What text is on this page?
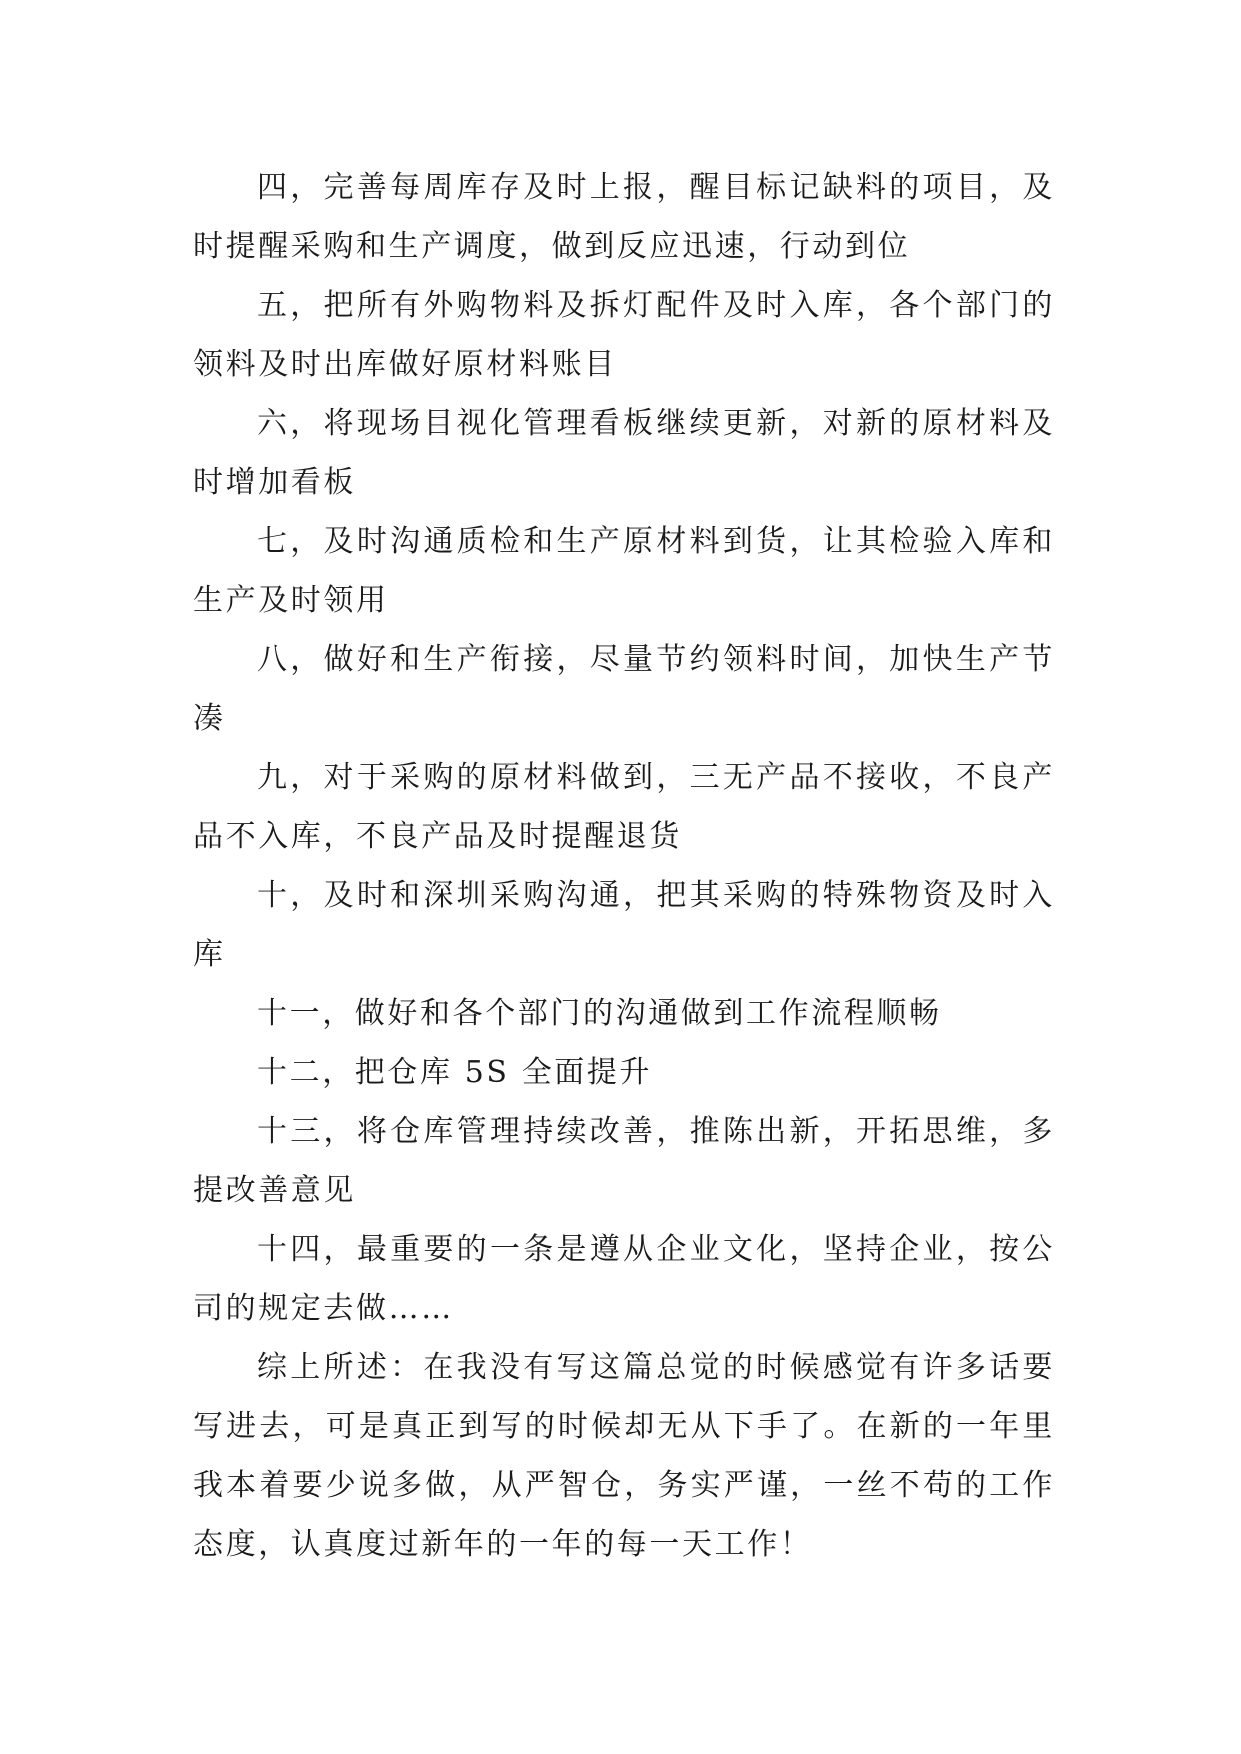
四，完善每周库存及时上报，醒目标记缺料的项目，及时提醒采购和生产调度，做到反应迅速，行动到位

五，把所有外购物料及拆灯配件及时入库，各个部门的领料及时出库做好原材料账目

六，将现场目视化管理看板继续更新，对新的原材料及时增加看板

七，及时沟通质检和生产原材料到货，让其检验入库和生产及时领用

八，做好和生产衔接，尽量节约领料时间，加快生产节凑

九，对于采购的原材料做到，三无产品不接收，不良产品不入库，不良产品及时提醒退货

十，及时和深圳采购沟通，把其采购的特殊物资及时入库

十一，做好和各个部门的沟通做到工作流程顺畅

十二，把仓库 5S 全面提升

十三，将仓库管理持续改善，推陈出新，开拓思维，多提改善意见

十四，最重要的一条是遵从企业文化，坚持企业，按公司的规定去做……

综上所述：在我没有写这篇总觉的时候感觉有许多话要写进去，可是真正到写的时候却无从下手了。在新的一年里我本着要少说多做，从严智仓，务实严谨，一丝不苟的工作态度，认真度过新年的一年的每一天工作！
